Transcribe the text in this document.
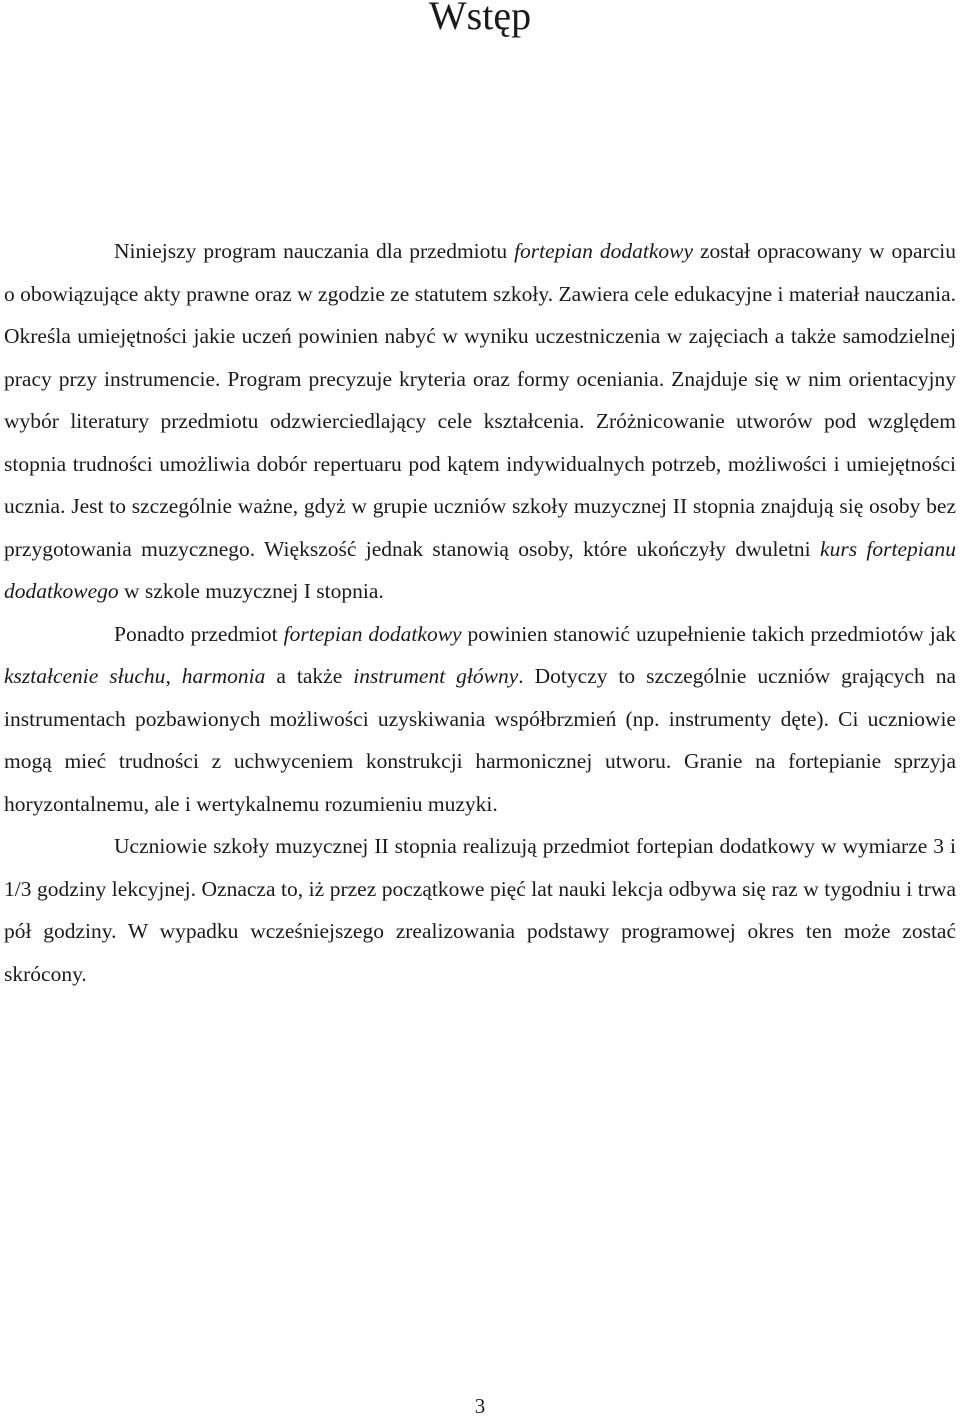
Wstęp

Niniejszy program nauczania dla przedmiotu fortepian dodatkowy został opracowany w oparciu o obowiązujące akty prawne oraz w zgodzie ze statutem szkoły. Zawiera cele edukacyjne i materiał nauczania. Określa umiejętności jakie uczeń powinien nabyć w wyniku uczestniczenia w zajęciach a także samodzielnej pracy przy instrumencie. Program precyzuje kryteria oraz formy oceniania. Znajduje się w nim orientacyjny wybór literatury przedmiotu odzwierciedlający cele kształcenia. Zróżnicowanie utworów pod względem stopnia trudności umożliwia dobór repertuaru pod kątem indywidualnych potrzeb, możliwości i umiejętności ucznia. Jest to szczególnie ważne, gdyż w grupie uczniów szkoły muzycznej II stopnia znajdują się osoby bez przygotowania muzycznego. Większość jednak stanowią osoby, które ukończyły dwuletni kurs fortepianu dodatkowego w szkole muzycznej I stopnia.

Ponadto przedmiot fortepian dodatkowy powinien stanowić uzupełnienie takich przedmiotów jak kształcenie słuchu, harmonia a także instrument główny. Dotyczy to szczególnie uczniów grających na instrumentach pozbawionych możliwości uzyskiwania współbrzmień (np. instrumenty dęte). Ci uczniowie mogą mieć trudności z uchwyceniem konstrukcji harmonicznej utworu. Granie na fortepianie sprzyja horyzontalnemu, ale i wertykalnemu rozumieniu muzyki.

Uczniowie szkoły muzycznej II stopnia realizują przedmiot fortepian dodatkowy w wymiarze 3 i 1/3 godziny lekcyjnej. Oznacza to, iż przez początkowe pięć lat nauki lekcja odbywa się raz w tygodniu i trwa pół godziny. W wypadku wcześniejszego zrealizowania podstawy programowej okres ten może zostać skrócony.

3
